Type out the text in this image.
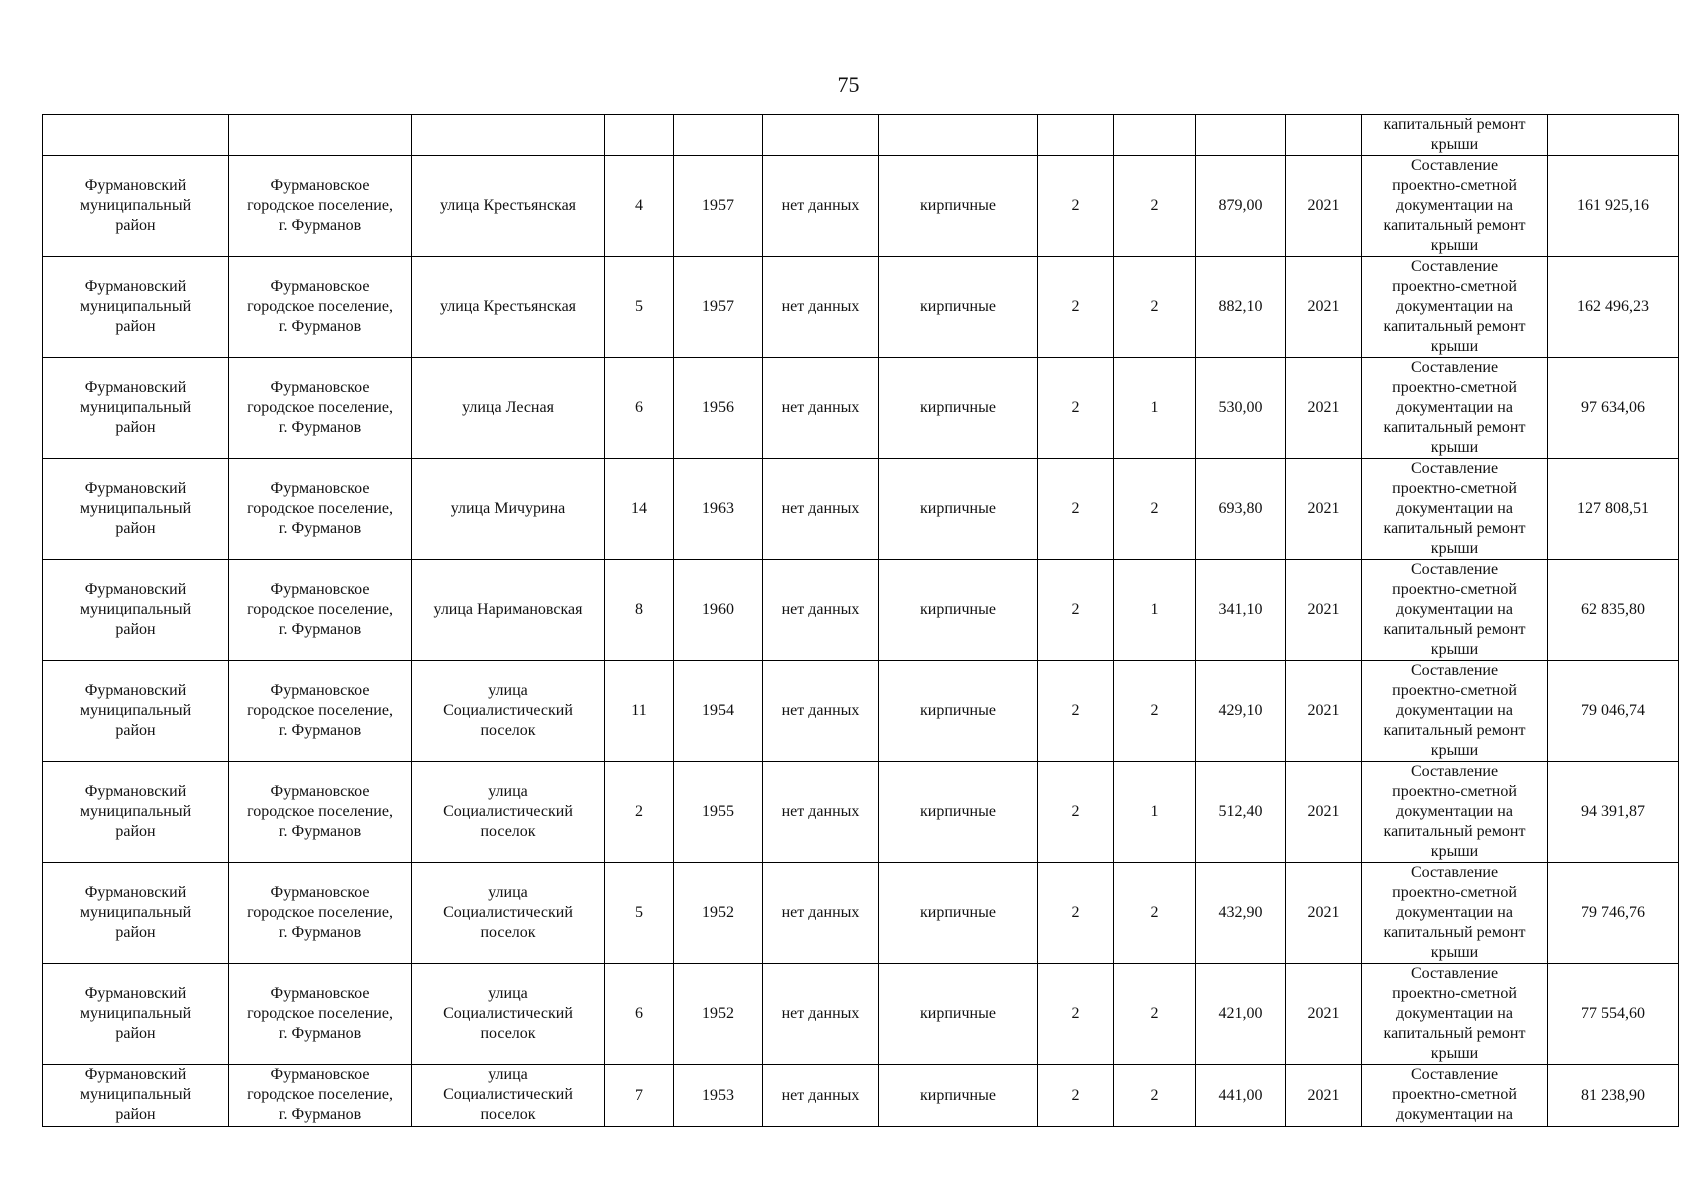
75
											капитальный ремонт
крыши	
Фурмановский
муниципальный
район	Фурмановское
городское поселение,
г. Фурманов	улица Крестьянская	4	1957	нет данных	кирпичные	2	2	879,00	2021	Составление
проектно-сметной
документации на
капитальный ремонт
крыши	161 925,16
Фурмановский
муниципальный
район	Фурмановское
городское поселение,
г. Фурманов	улица Крестьянская	5	1957	нет данных	кирпичные	2	2	882,10	2021	Составление
проектно-сметной
документации на
капитальный ремонт
крыши	162 496,23
Фурмановский
муниципальный
район	Фурмановское
городское поселение,
г. Фурманов	улица Лесная	6	1956	нет данных	кирпичные	2	1	530,00	2021	Составление
проектно-сметной
документации на
капитальный ремонт
крыши	97 634,06
Фурмановский
муниципальный
район	Фурмановское
городское поселение,
г. Фурманов	улица Мичурина	14	1963	нет данных	кирпичные	2	2	693,80	2021	Составление
проектно-сметной
документации на
капитальный ремонт
крыши	127 808,51
Фурмановский
муниципальный
район	Фурмановское
городское поселение,
г. Фурманов	улица Наримановская	8	1960	нет данных	кирпичные	2	1	341,10	2021	Составление
проектно-сметной
документации на
капитальный ремонт
крыши	62 835,80
Фурмановский
муниципальный
район	Фурмановское
городское поселение,
г. Фурманов	улица
Социалистический
поселок	11	1954	нет данных	кирпичные	2	2	429,10	2021	Составление
проектно-сметной
документации на
капитальный ремонт
крыши	79 046,74
Фурмановский
муниципальный
район	Фурмановское
городское поселение,
г. Фурманов	улица
Социалистический
поселок	2	1955	нет данных	кирпичные	2	1	512,40	2021	Составление
проектно-сметной
документации на
капитальный ремонт
крыши	94 391,87
Фурмановский
муниципальный
район	Фурмановское
городское поселение,
г. Фурманов	улица
Социалистический
поселок	5	1952	нет данных	кирпичные	2	2	432,90	2021	Составление
проектно-сметной
документации на
капитальный ремонт
крыши	79 746,76
Фурмановский
муниципальный
район	Фурмановское
городское поселение,
г. Фурманов	улица
Социалистический
поселок	6	1952	нет данных	кирпичные	2	2	421,00	2021	Составление
проектно-сметной
документации на
капитальный ремонт
крыши	77 554,60
Фурмановский
муниципальный
район	Фурмановское
городское поселение,
г. Фурманов	улица
Социалистический
поселок	7	1953	нет данных	кирпичные	2	2	441,00	2021	Составление
проектно-сметной
документации на	81 238,90
